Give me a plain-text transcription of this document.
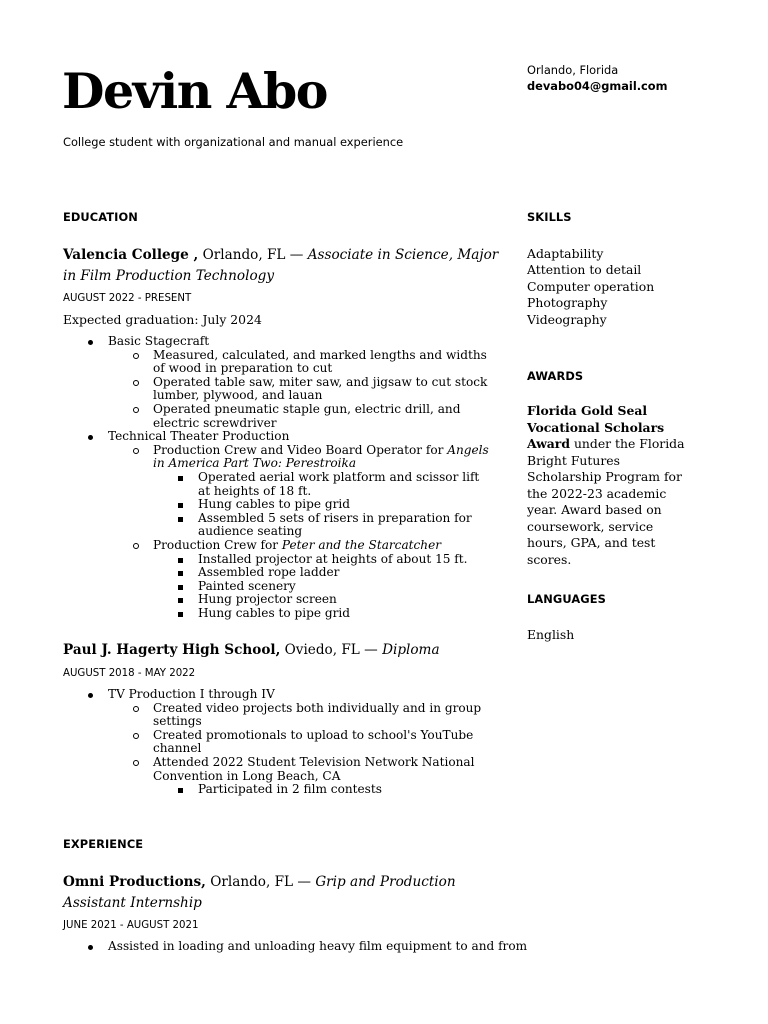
Devin Abo
College student with organizational and manual experience
Orlando, Florida
devabo04@gmail.com
EDUCATION
Valencia College , Orlando, FL — Associate in Science, Major in Film Production Technology
AUGUST 2022 - PRESENT
Expected graduation: July 2024
Basic Stagecraft
Measured, calculated, and marked lengths and widths of wood in preparation to cut
Operated table saw, miter saw, and jigsaw to cut stock lumber, plywood, and lauan
Operated pneumatic staple gun, electric drill, and electric screwdriver
Technical Theater Production
Production Crew and Video Board Operator for Angels in America Part Two: Perestroika
Operated aerial work platform and scissor lift at heights of 18 ft.
Hung cables to pipe grid
Assembled 5 sets of risers in preparation for audience seating
Production Crew for Peter and the Starcatcher
Installed projector at heights of about 15 ft.
Assembled rope ladder
Painted scenery
Hung projector screen
Hung cables to pipe grid
Paul J. Hagerty High School, Oviedo, FL — Diploma
AUGUST 2018 - MAY 2022
TV Production I through IV
Created video projects both individually and in group settings
Created promotionals to upload to school's YouTube channel
Attended 2022 Student Television Network National Convention in Long Beach, CA
Participated in 2 film contests
EXPERIENCE
Omni Productions, Orlando, FL — Grip and Production Assistant Internship
JUNE 2021 - AUGUST 2021
Assisted in loading and unloading heavy film equipment to and from
SKILLS
Adaptability
Attention to detail
Computer operation
Photography
Videography
AWARDS
Florida Gold Seal Vocational Scholars Award under the Florida Bright Futures Scholarship Program for the 2022-23 academic year. Award based on coursework, service hours, GPA, and test scores.
LANGUAGES
English
